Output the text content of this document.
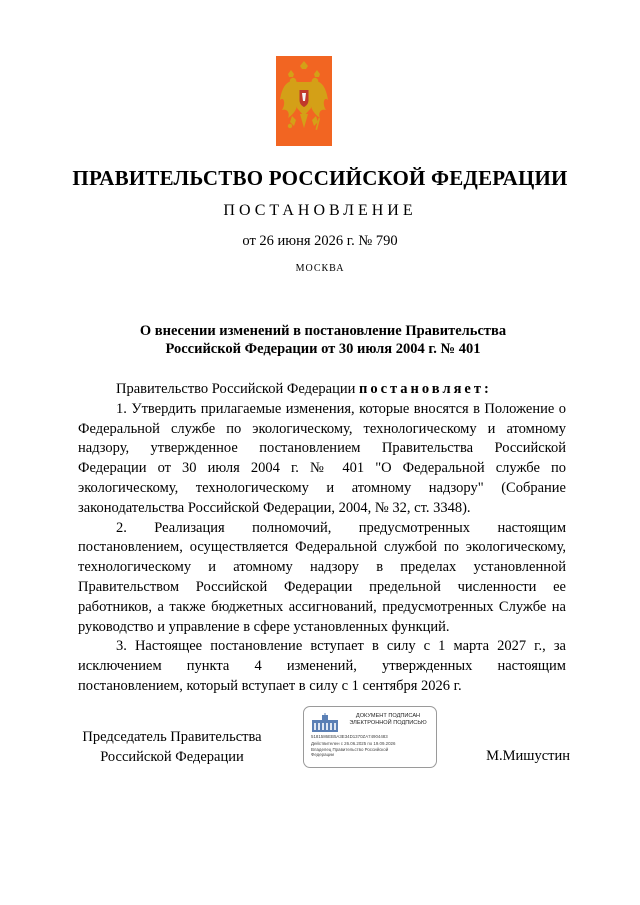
ПРАВИТЕЛЬСТВО РОССИЙСКОЙ ФЕДЕРАЦИИ
ПОСТАНОВЛЕНИЕ
от 26 июня 2026 г. № 790
МОСКВА
О внесении изменений в постановление Правительства
Российской Федерации от 30 июля 2004 г. № 401

Правительство Российской Федерации постановляет:

1. Утвердить прилагаемые изменения, которые вносятся в Положение о Федеральной службе по экологическому, технологическому и атомному надзору, утвержденное постановлением Правительства Российской Федерации от 30 июля 2004 г. № 401 "О Федеральной службе по экологическому, технологическому и атомному надзору" (Собрание законодательства Российской Федерации, 2004, № 32, ст. 3348).

2. Реализация полномочий, предусмотренных настоящим постановлением, осуществляется Федеральной службой по экологическому, технологическому и атомному надзору в пределах установленной Правительством Российской Федерации предельной численности ее работников, а также бюджетных ассигнований, предусмотренных Службе на руководство и управление в сфере установленных функций.

3. Настоящее постановление вступает в силу с 1 марта 2027 г., за исключением пункта 4 изменений, утвержденных настоящим постановлением, который вступает в силу с 1 сентября 2026 г.

Председатель Правительства
Российской Федерации
ДОКУМЕНТ ПОДПИСАН
ЭЛЕКТРОННОЙ ПОДПИСЬЮ
5181586EB5A3E34D1370ZA74904483
Действителен с 26.06.2025 по 19.09.2026
Владелец Правительство Российской
Федерации	М.Мишустин
